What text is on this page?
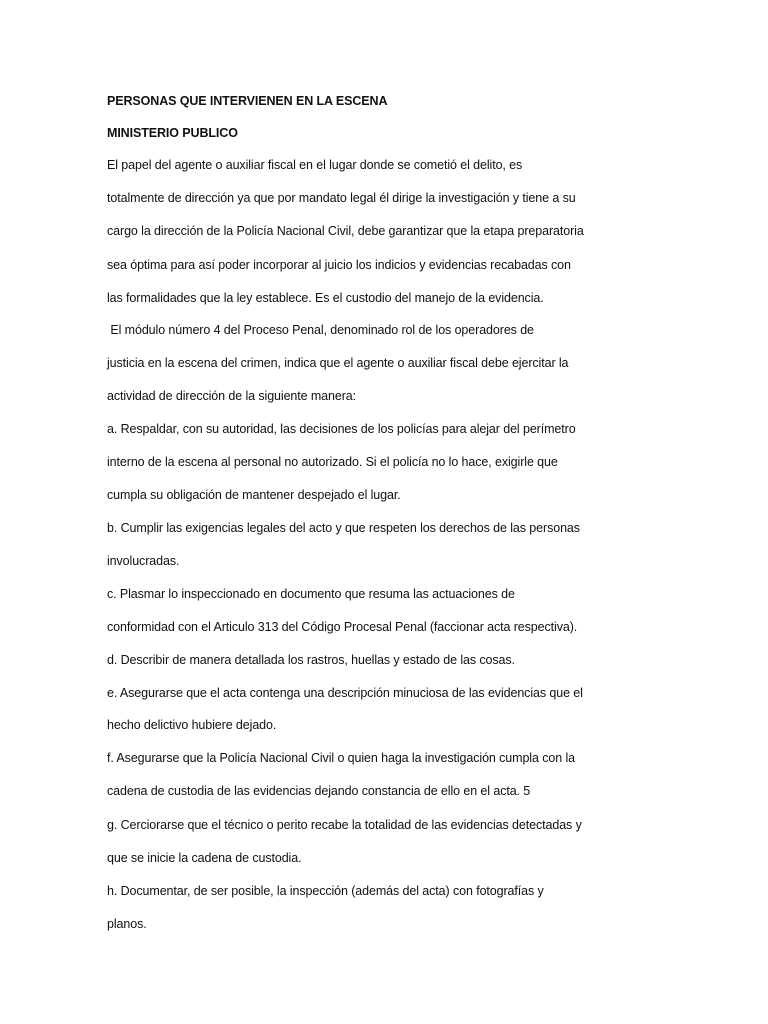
PERSONAS QUE INTERVIENEN EN LA ESCENA
MINISTERIO PUBLICO
El papel del agente o auxiliar fiscal en el lugar donde se cometió el delito, es
totalmente de dirección ya que por mandato legal él dirige la investigación y tiene a su
cargo la dirección de la Policía Nacional Civil, debe garantizar que la etapa preparatoria
sea óptima para así poder incorporar al juicio los indicios y evidencias recabadas con
las formalidades que la ley establece. Es el custodio del manejo de la evidencia.
El módulo número 4 del Proceso Penal, denominado rol de los operadores de
justicia en la escena del crimen, indica que el agente o auxiliar fiscal debe ejercitar la
actividad de dirección de la siguiente manera:
a. Respaldar, con su autoridad, las decisiones de los policías para alejar del perímetro
interno de la escena al personal no autorizado. Si el policía no lo hace, exigirle que
cumpla su obligación de mantener despejado el lugar.
b. Cumplir las exigencias legales del acto y que respeten los derechos de las personas
involucradas.
c. Plasmar lo inspeccionado en documento que resuma las actuaciones de
conformidad con el Articulo 313 del Código Procesal Penal (faccionar acta respectiva).
d. Describir de manera detallada los rastros, huellas y estado de las cosas.
e. Asegurarse que el acta contenga una descripción minuciosa de las evidencias que el
hecho delictivo hubiere dejado.
f. Asegurarse que la Policía Nacional Civil o quien haga la investigación cumpla con la
cadena de custodia de las evidencias dejando constancia de ello en el acta. 5
g. Cerciorarse que el técnico o perito recabe la totalidad de las evidencias detectadas y
que se inicie la cadena de custodia.
h. Documentar, de ser posible, la inspección (además del acta) con fotografías y
planos.
